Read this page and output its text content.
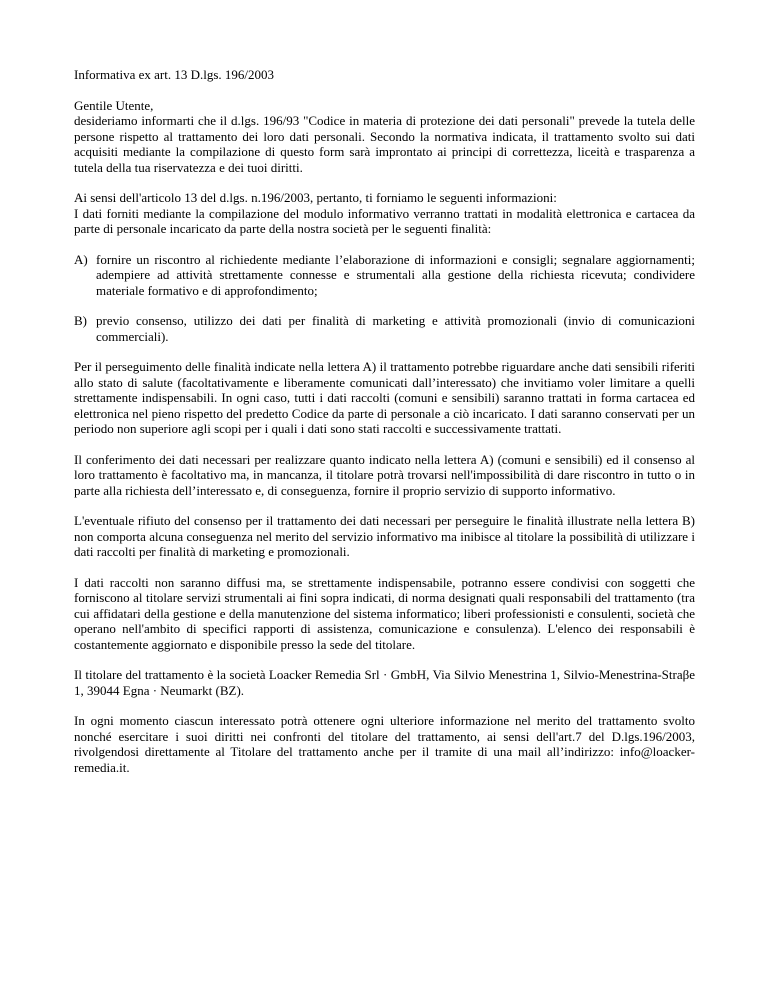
Informativa ex art. 13 D.lgs. 196/2003

Gentile Utente,
desideriamo informarti che il d.lgs. 196/93 "Codice in materia di protezione dei dati personali" prevede la tutela delle persone rispetto al trattamento dei loro dati personali. Secondo la normativa indicata, il trattamento svolto sui dati acquisiti mediante la compilazione di questo form sarà improntato ai principi di correttezza, liceità e trasparenza a tutela della tua riservatezza e dei tuoi diritti.

Ai sensi dell'articolo 13 del d.lgs. n.196/2003, pertanto, ti forniamo le seguenti informazioni:
I dati forniti mediante la compilazione del modulo informativo verranno trattati in modalità elettronica e cartacea da parte di personale incaricato da parte della nostra società per le seguenti finalità:

A) fornire un riscontro al richiedente mediante l’elaborazione di informazioni e consigli; segnalare aggiornamenti; adempiere ad attività strettamente connesse e strumentali alla gestione della richiesta ricevuta; condividere materiale formativo e di approfondimento;
B) previo consenso, utilizzo dei dati per finalità di marketing e attività promozionali (invio di comunicazioni commerciali).

Per il perseguimento delle finalità indicate nella lettera A) il trattamento potrebbe riguardare anche dati sensibili riferiti allo stato di salute (facoltativamente e liberamente comunicati dall’interessato) che invitiamo voler limitare a quelli strettamente indispensabili. In ogni caso, tutti i dati raccolti (comuni e sensibili) saranno trattati in forma cartacea ed elettronica nel pieno rispetto del predetto Codice da parte di personale a ciò incaricato. I dati saranno conservati per un periodo non superiore agli scopi per i quali i dati sono stati raccolti e successivamente trattati.

Il conferimento dei dati necessari per realizzare quanto indicato nella lettera A) (comuni e sensibili) ed il consenso al loro trattamento è facoltativo ma, in mancanza, il titolare potrà trovarsi nell'impossibilità di dare riscontro in tutto o in parte alla richiesta dell’interessato e, di conseguenza, fornire il proprio servizio di supporto informativo.

L'eventuale rifiuto del consenso per il trattamento dei dati necessari per perseguire le finalità illustrate nella lettera B) non comporta alcuna conseguenza nel merito del servizio informativo ma inibisce al titolare la possibilità di utilizzare i dati raccolti per finalità di marketing e promozionali.

I dati raccolti non saranno diffusi ma, se strettamente indispensabile, potranno essere condivisi con soggetti che forniscono al titolare servizi strumentali ai fini sopra indicati, di norma designati quali responsabili del trattamento (tra cui affidatari della gestione e della manutenzione del sistema informatico; liberi professionisti e consulenti, società che operano nell'ambito di specifici rapporti di assistenza, comunicazione e consulenza). L'elenco dei responsabili è costantemente aggiornato e disponibile presso la sede del titolare.

Il titolare del trattamento è la società Loacker Remedia Srl · GmbH, Via Silvio Menestrina 1, Silvio-Menestrina-Straβe 1, 39044 Egna · Neumarkt (BZ).

In ogni momento ciascun interessato potrà ottenere ogni ulteriore informazione nel merito del trattamento svolto nonché esercitare i suoi diritti nei confronti del titolare del trattamento, ai sensi dell'art.7 del D.lgs.196/2003, rivolgendosi direttamente al Titolare del trattamento anche per il tramite di una mail all’indirizzo: info@loacker-remedia.it.
